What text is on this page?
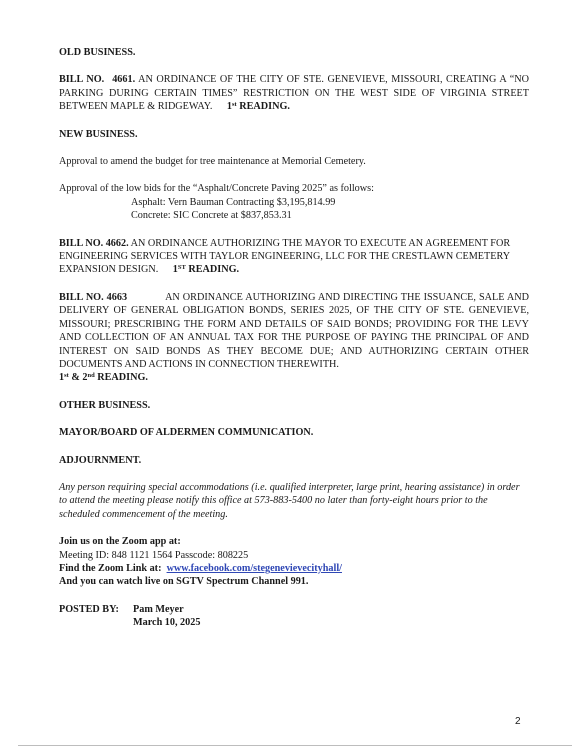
OLD BUSINESS.

BILL NO. 4661. AN ORDINANCE OF THE CITY OF STE. GENEVIEVE, MISSOURI, CREATING A “NO PARKING DURING CERTAIN TIMES” RESTRICTION ON THE WEST SIDE OF VIRGINIA STREET BETWEEN MAPLE & RIDGEWAY. 1st READING.

NEW BUSINESS.

Approval to amend the budget for tree maintenance at Memorial Cemetery.

Approval of the low bids for the “Asphalt/Concrete Paving 2025” as follows:

Asphalt: Vern Bauman Contracting $3,195,814.99

Concrete: SIC Concrete at $837,853.31

BILL NO. 4662. AN ORDINANCE AUTHORIZING THE MAYOR TO EXECUTE AN AGREEMENT FOR ENGINEERING SERVICES WITH TAYLOR ENGINEERING, LLC FOR THE CRESTLAWN CEMETERY EXPANSION DESIGN. 1ST READING.

BILL NO. 4663	AN ORDINANCE AUTHORIZING AND DIRECTING THE ISSUANCE, SALE AND DELIVERY OF GENERAL OBLIGATION BONDS, SERIES 2025, OF THE CITY OF STE. GENEVIEVE, MISSOURI; PRESCRIBING THE FORM AND DETAILS OF SAID BONDS; PROVIDING FOR THE LEVY AND COLLECTION OF AN ANNUAL TAX FOR THE PURPOSE OF PAYING THE PRINCIPAL OF AND INTEREST ON SAID BONDS AS THEY BECOME DUE; AND AUTHORIZING CERTAIN OTHER DOCUMENTS AND ACTIONS IN CONNECTION THEREWITH.

1st & 2nd READING.

OTHER BUSINESS.

MAYOR/BOARD OF ALDERMEN COMMUNICATION.

ADJOURNMENT.

Any person requiring special accommodations (i.e. qualified interpreter, large print, hearing assistance) in order to attend the meeting please notify this office at 573-883-5400 no later than forty-eight hours prior to the scheduled commencement of the meeting.

Join us on the Zoom app at:

Meeting ID: 848 1121 1564 Passcode: 808225

Find the Zoom Link at: www.facebook.com/stegenevievecityhall/

And you can watch live on SGTV Spectrum Channel 991.

POSTED BY:	Pam Meyer

March 10, 2025

2
